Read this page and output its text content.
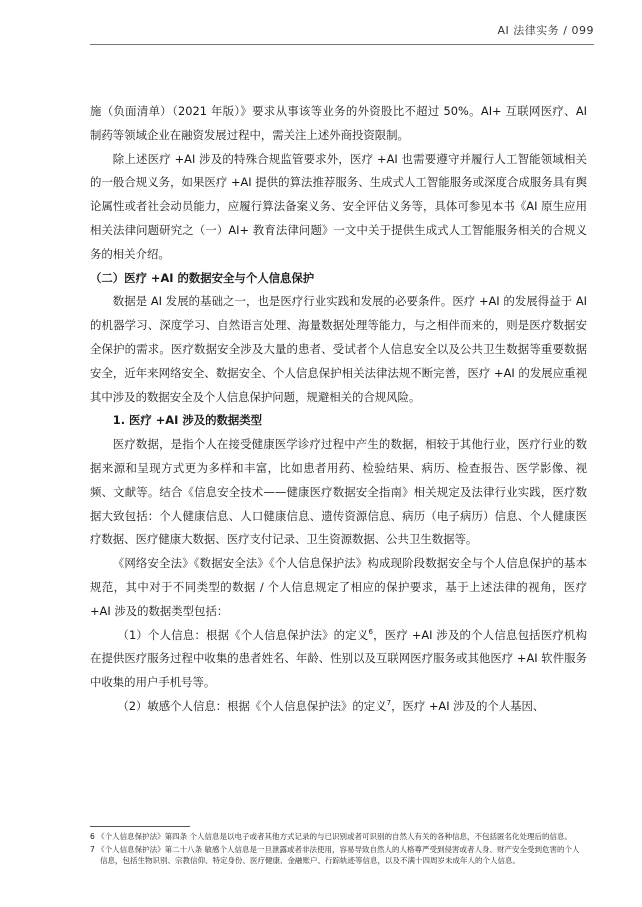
AI 法律实务 / 099

施（负面清单）（2021 年版）》要求从事该等业务的外资股比不超过 50%。AI+ 互联网医疗、AI 制药等领域企业在融资发展过程中，需关注上述外商投资限制。

除上述医疗 +AI 涉及的特殊合规监管要求外，医疗 +AI 也需要遵守并履行人工智能领域相关的一般合规义务，如果医疗 +AI 提供的算法推荐服务、生成式人工智能服务或深度合成服务具有舆论属性或者社会动员能力，应履行算法备案义务、安全评估义务等，具体可参见本书《AI 原生应用相关法律问题研究之（一）AI+ 教育法律问题》一文中关于提供生成式人工智能服务相关的合规义务的相关介绍。

（二）医疗 +AI 的数据安全与个人信息保护

数据是 AI 发展的基础之一，也是医疗行业实践和发展的必要条件。医疗 +AI 的发展得益于 AI 的机器学习、深度学习、自然语言处理、海量数据处理等能力，与之相伴而来的，则是医疗数据安全保护的需求。医疗数据安全涉及大量的患者、受试者个人信息安全以及公共卫生数据等重要数据安全，近年来网络安全、数据安全、个人信息保护相关法律法规不断完善，医疗 +AI 的发展应重视其中涉及的数据安全及个人信息保护问题，规避相关的合规风险。

1. 医疗 +AI 涉及的数据类型

医疗数据，是指个人在接受健康医学诊疗过程中产生的数据，相较于其他行业，医疗行业的数据来源和呈现方式更为多样和丰富，比如患者用药、检验结果、病历、检查报告、医学影像、视频、文献等。结合《信息安全技术——健康医疗数据安全指南》相关规定及法律行业实践，医疗数据大致包括：个人健康信息、人口健康信息、遗传资源信息、病历（电子病历）信息、个人健康医疗数据、医疗健康大数据、医疗支付记录、卫生资源数据、公共卫生数据等。

《网络安全法》《数据安全法》《个人信息保护法》构成现阶段数据安全与个人信息保护的基本规范，其中对于不同类型的数据 / 个人信息规定了相应的保护要求，基于上述法律的视角，医疗 +AI 涉及的数据类型包括：

（1）个人信息：根据《个人信息保护法》的定义$^6$，医疗 +AI 涉及的个人信息包括医疗机构在提供医疗服务过程中收集的患者姓名、年龄、性别以及互联网医疗服务或其他医疗 +AI 软件服务中收集的用户手机号等。

（2）敏感个人信息：根据《个人信息保护法》的定义$^7$，医疗 +AI 涉及的个人基因、

6 《个人信息保护法》第四条 个人信息是以电子或者其他方式记录的与已识别或者可识别的自然人有关的各种信息，不包括匿名化处理后的信息。

7 《个人信息保护法》第二十八条 敏感个人信息是一旦泄露或者非法使用，容易导致自然人的人格尊严受到侵害或者人身、财产安全受到危害的个人信息，包括生物识别、宗教信仰、特定身份、医疗健康、金融账户、行踪轨迹等信息，以及不满十四周岁未成年人的个人信息。
